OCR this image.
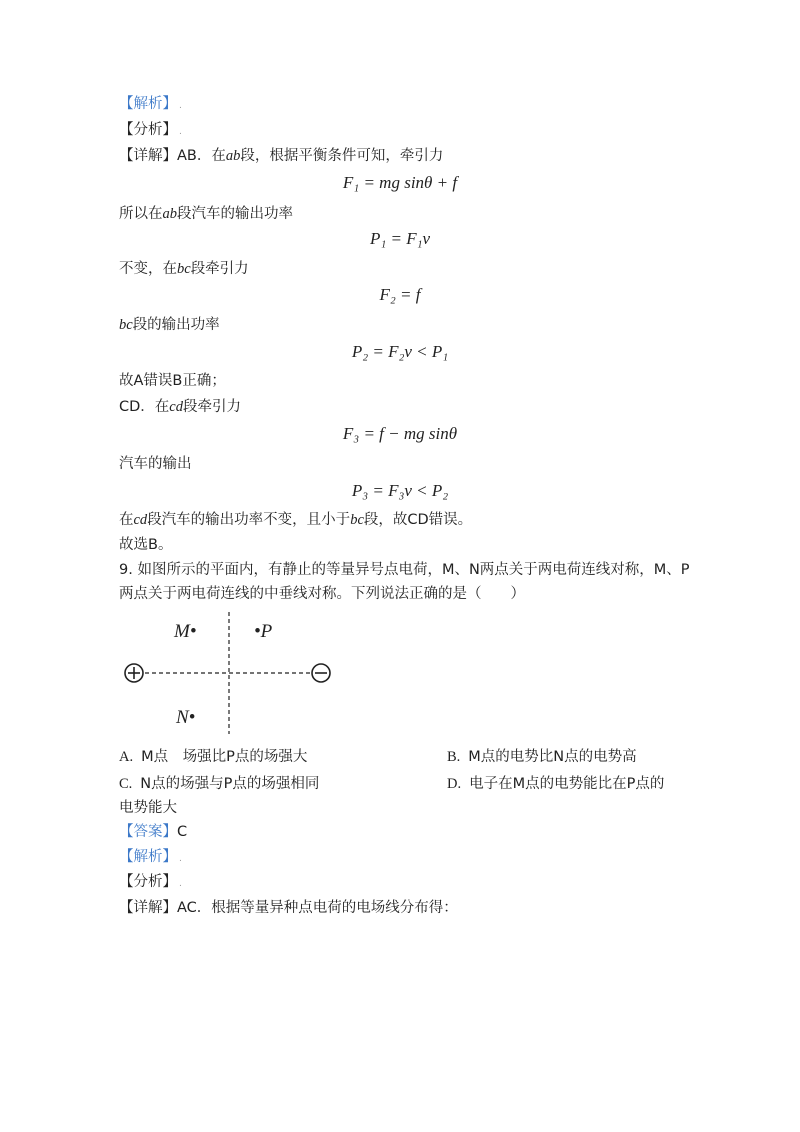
【解析】 .
【分析】 .
【详解】AB．在ab段，根据平衡条件可知，牵引力
F₁ = mg sinθ + f
所以在ab段汽车的输出功率
P₁ = F₁v
不变，在bc段牵引力
F₂ = f
bc段的输出功率
P₂ = F₂v < P₁
故A错误B正确；
CD．在cd段牵引力
F₃ = f − mg sinθ
汽车的输出
P₃ = F₃v < P₂
在cd段汽车的输出功率不变，且小于bc段，故CD错误。
故选B。
9. 如图所示的平面内，有静止的等量异号点电荷，M、N两点关于两电荷连线对称，M、P
两点关于两电荷连线的中垂线对称。下列说法正确的是（　　）
M•	•P
N•
A. M点　场强比P点的场强大	B. M点的电势比N点的电势高
C. N点的场强与P点的场强相同	D. 电子在M点的电势能比在P点的
电势能大
【答案】C
【解析】 .
【分析】 .
【详解】AC．根据等量异种点电荷的电场线分布得：
